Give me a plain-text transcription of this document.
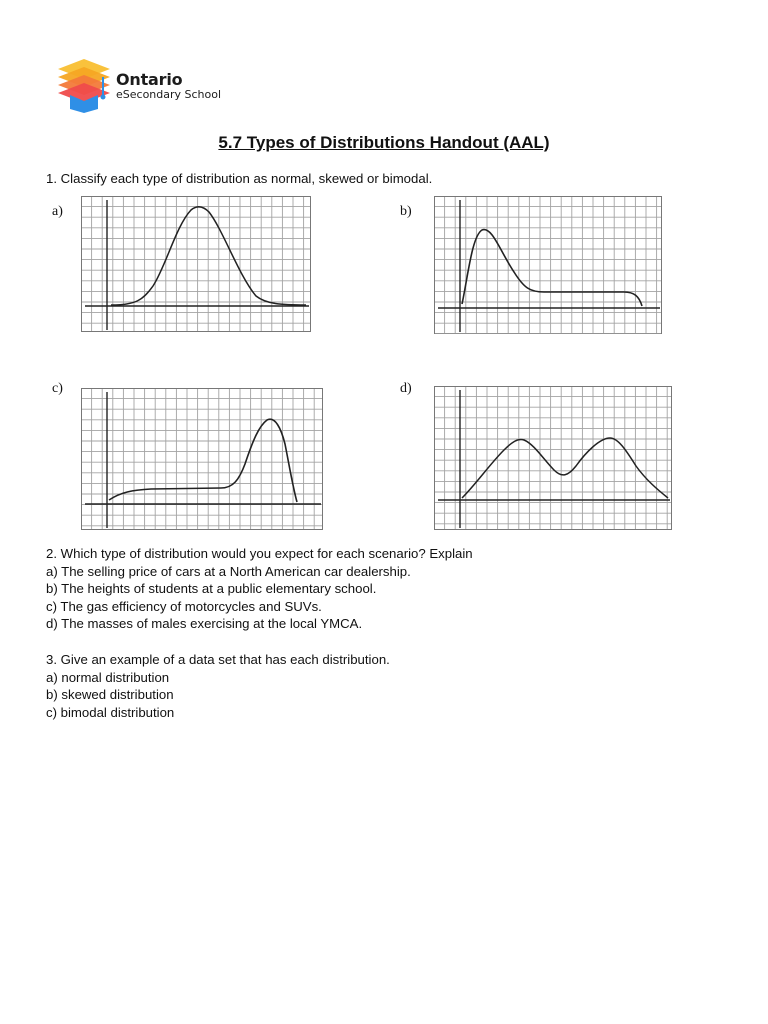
Ontario
eSecondary School
5.7 Types of Distributions Handout (AAL)
1. Classify each type of distribution as normal, skewed or bimodal.
a)	b)
c)	d)
2. Which type of distribution would you expect for each scenario? Explain
a) The selling price of cars at a North American car dealership.
b) The heights of students at a public elementary school.
c) The gas efficiency of motorcycles and SUVs.
d) The masses of males exercising at the local YMCA.
3. Give an example of a data set that has each distribution.
a) normal distribution
b) skewed distribution
c) bimodal distribution
